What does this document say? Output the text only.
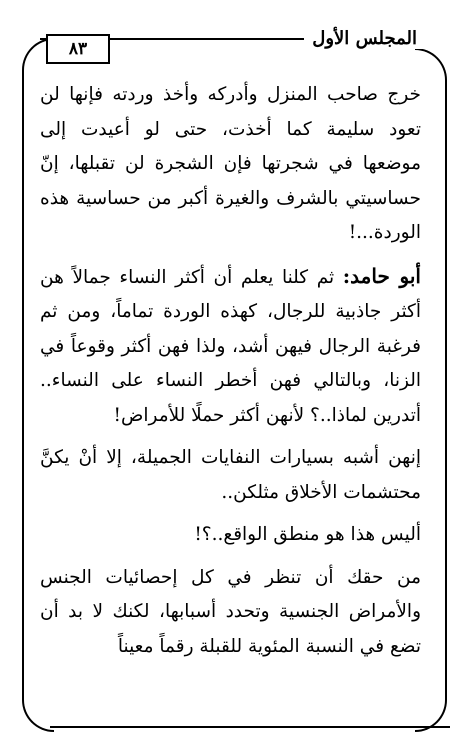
٨٣	المجلس الأول

خرج صاحب المنزل وأدركه وأخذ وردته فإنها لن تعود سليمة كما أخذت، حتى لو أعيدت إلى موضعها في شجرتها فإن الشجرة لن تقبلها، إنّ حساسيتي بالشرف والغيرة أكبر من حساسية هذه الوردة...!

أبو حامد: ثم كلنا يعلم أن أكثر النساء جمالاً هن أكثر جاذبية للرجال، كهذه الوردة تماماً، ومن ثم فرغبة الرجال فيهن أشد، ولذا فهن أكثر وقوعاً في الزنا، وبالتالي فهن أخطر النساء على النساء.. أتدرين لماذا..؟ لأنهن أكثر حملًا للأمراض!

إنهن أشبه بسيارات النفايات الجميلة، إلا أنْ يكنَّ محتشمات الأخلاق مثلكن..

أليس هذا هو منطق الواقع..؟!

من حقك أن تنظر في كل إحصائيات الجنس والأمراض الجنسية وتحدد أسبابها، لكنك لا بد أن تضع في النسبة المئوية للقبلة رقماً معيناً
